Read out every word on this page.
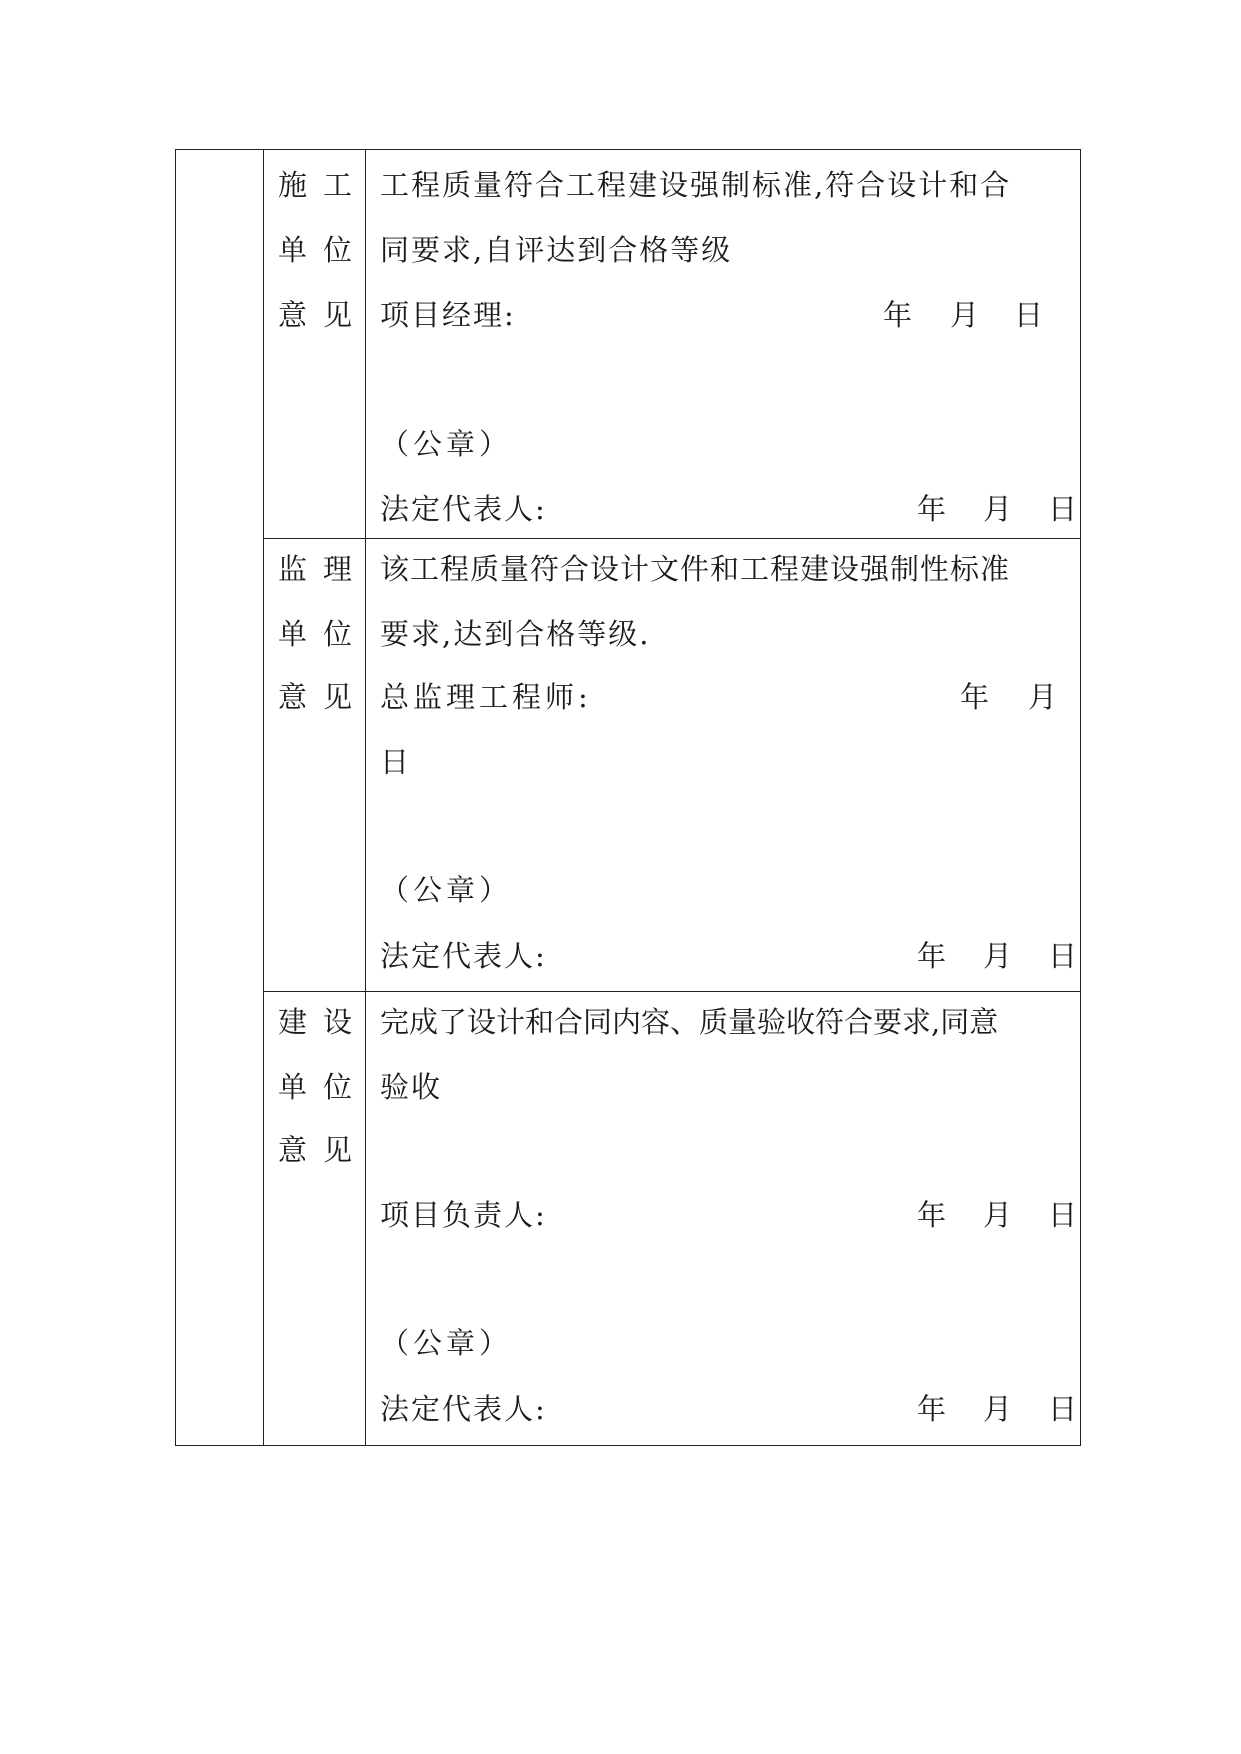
施工
单位
意见
工程质量符合工程建设强制标准,符合设计和合
同要求,自评达到合格等级
项目经理:	年 月 日
（公章）
法定代表人:	年 月 日
监理
单位
意见
该工程质量符合设计文件和工程建设强制性标准
要求,达到合格等级.
总监理工程师:	年 月
日
（公章）
法定代表人:	年 月 日
建设
单位
意见
完成了设计和合同内容、质量验收符合要求,同意
验收
项目负责人:	年 月 日
（公章）
法定代表人:	年 月 日
